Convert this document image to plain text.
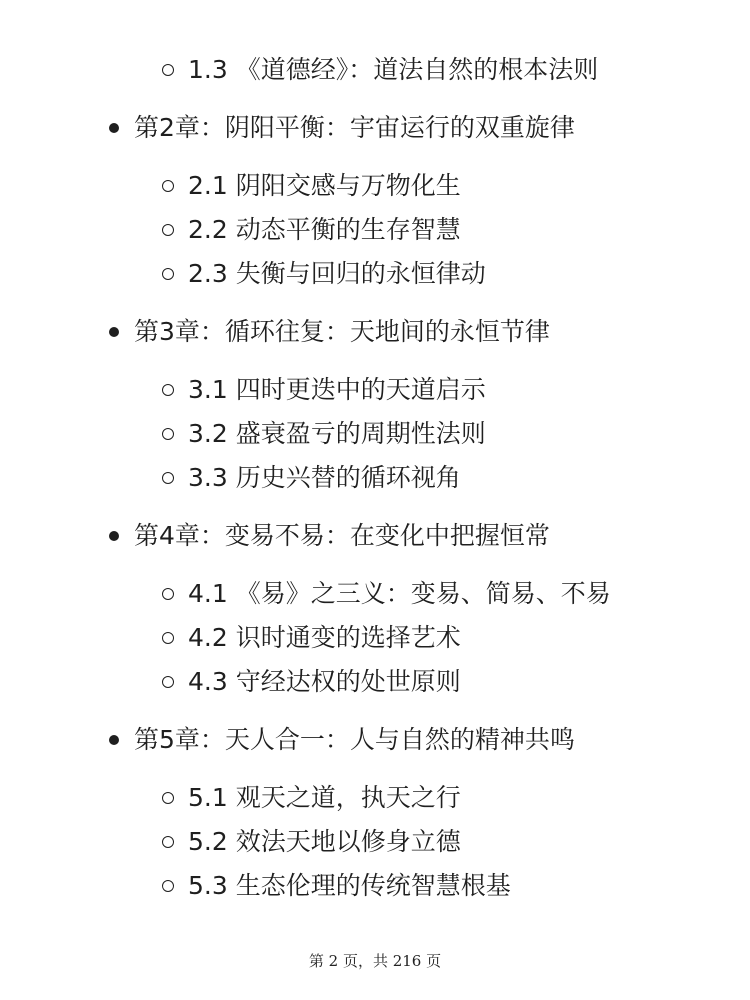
1.3 《道德经》：道法自然的根本法则
第2章：阴阳平衡：宇宙运行的双重旋律
2.1 阴阳交感与万物化生
2.2 动态平衡的生存智慧
2.3 失衡与回归的永恒律动
第3章：循环往复：天地间的永恒节律
3.1 四时更迭中的天道启示
3.2 盛衰盈亏的周期性法则
3.3 历史兴替的循环视角
第4章：变易不易：在变化中把握恒常
4.1 《易》之三义：变易、简易、不易
4.2 识时通变的选择艺术
4.3 守经达权的处世原则
第5章：天人合一：人与自然的精神共鸣
5.1 观天之道，执天之行
5.2 效法天地以修身立德
5.3 生态伦理的传统智慧根基
第 2 页，共 216 页
